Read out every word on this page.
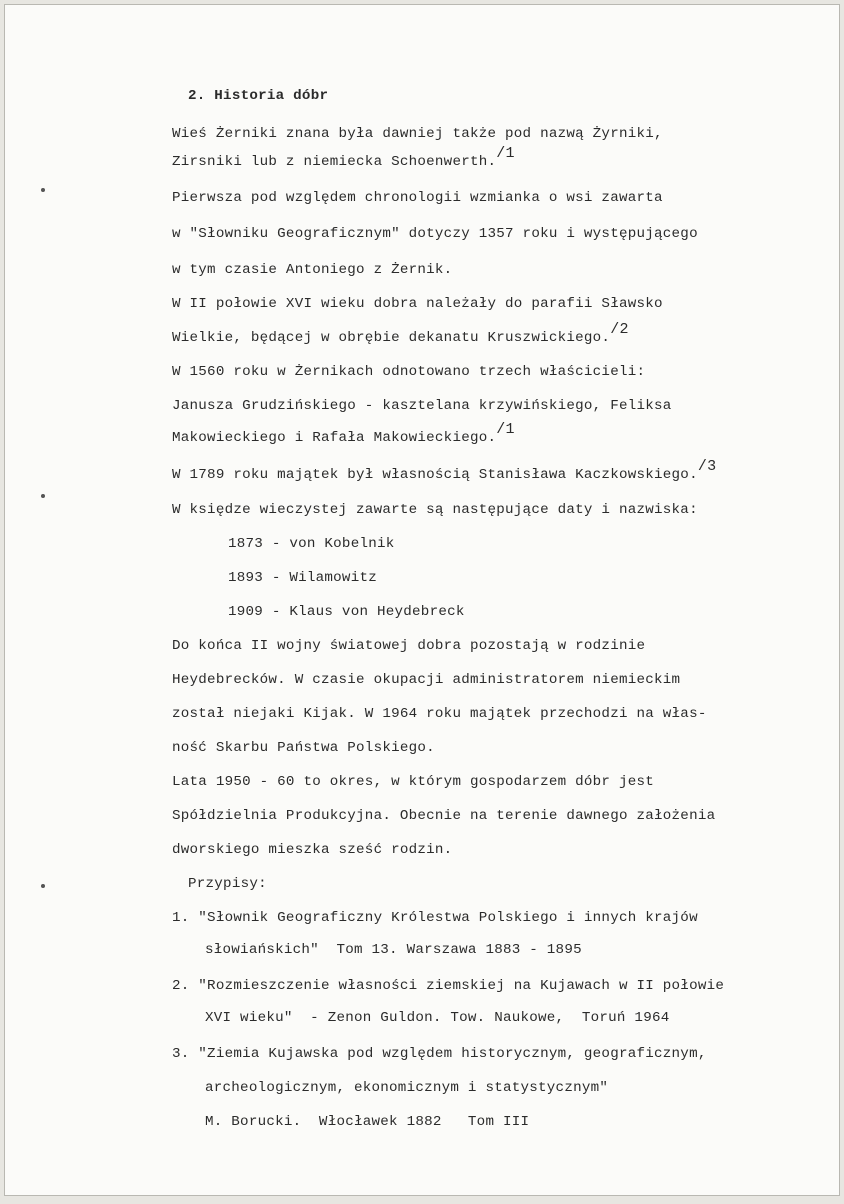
2. Historia dóbr
Wieś Żerniki znana była dawniej także pod nazwą Żyrniki,
Zirsniki lub z niemiecka Schoenwerth./1
Pierwsza pod względem chronologii wzmianka o wsi zawarta
w "Słowniku Geograficznym" dotyczy 1357 roku i występującego
w tym czasie Antoniego z Żernik.
W II połowie XVI wieku dobra należały do parafii Sławsko
Wielkie, będącej w obrębie dekanatu Kruszwickiego./2
W 1560 roku w Żernikach odnotowano trzech właścicieli:
Janusza Grudzińskiego - kasztelana krzywińskiego, Feliksa
Makowieckiego i Rafała Makowieckiego./1
W 1789 roku majątek był własnością Stanisława Kaczkowskiego./3
W księdze wieczystej zawarte są następujące daty i nazwiska:
1873 - von Kobelnik
1893 - Wilamowitz
1909 - Klaus von Heydebreck
Do końca II wojny światowej dobra pozostają w rodzinie
Heydebrecków. W czasie okupacji administratorem niemieckim
został niejaki Kijak. W 1964 roku majątek przechodzi na włas-
ność Skarbu Państwa Polskiego.
Lata 1950 - 60 to okres, w którym gospodarzem dóbr jest
Spółdzielnia Produkcyjna. Obecnie na terenie dawnego założenia
dworskiego mieszka sześć rodzin.
Przypisy:
1. "Słownik Geograficzny Królestwa Polskiego i innych krajów
słowiańskich"  Tom 13. Warszawa 1883 - 1895
2. "Rozmieszczenie własności ziemskiej na Kujawach w II połowie
XVI wieku"  - Zenon Guldon. Tow. Naukowe,  Toruń 1964
3. "Ziemia Kujawska pod względem historycznym, geograficznym,
archeologicznym, ekonomicznym i statystycznym"
M. Borucki.  Włocławek 1882   Tom III
